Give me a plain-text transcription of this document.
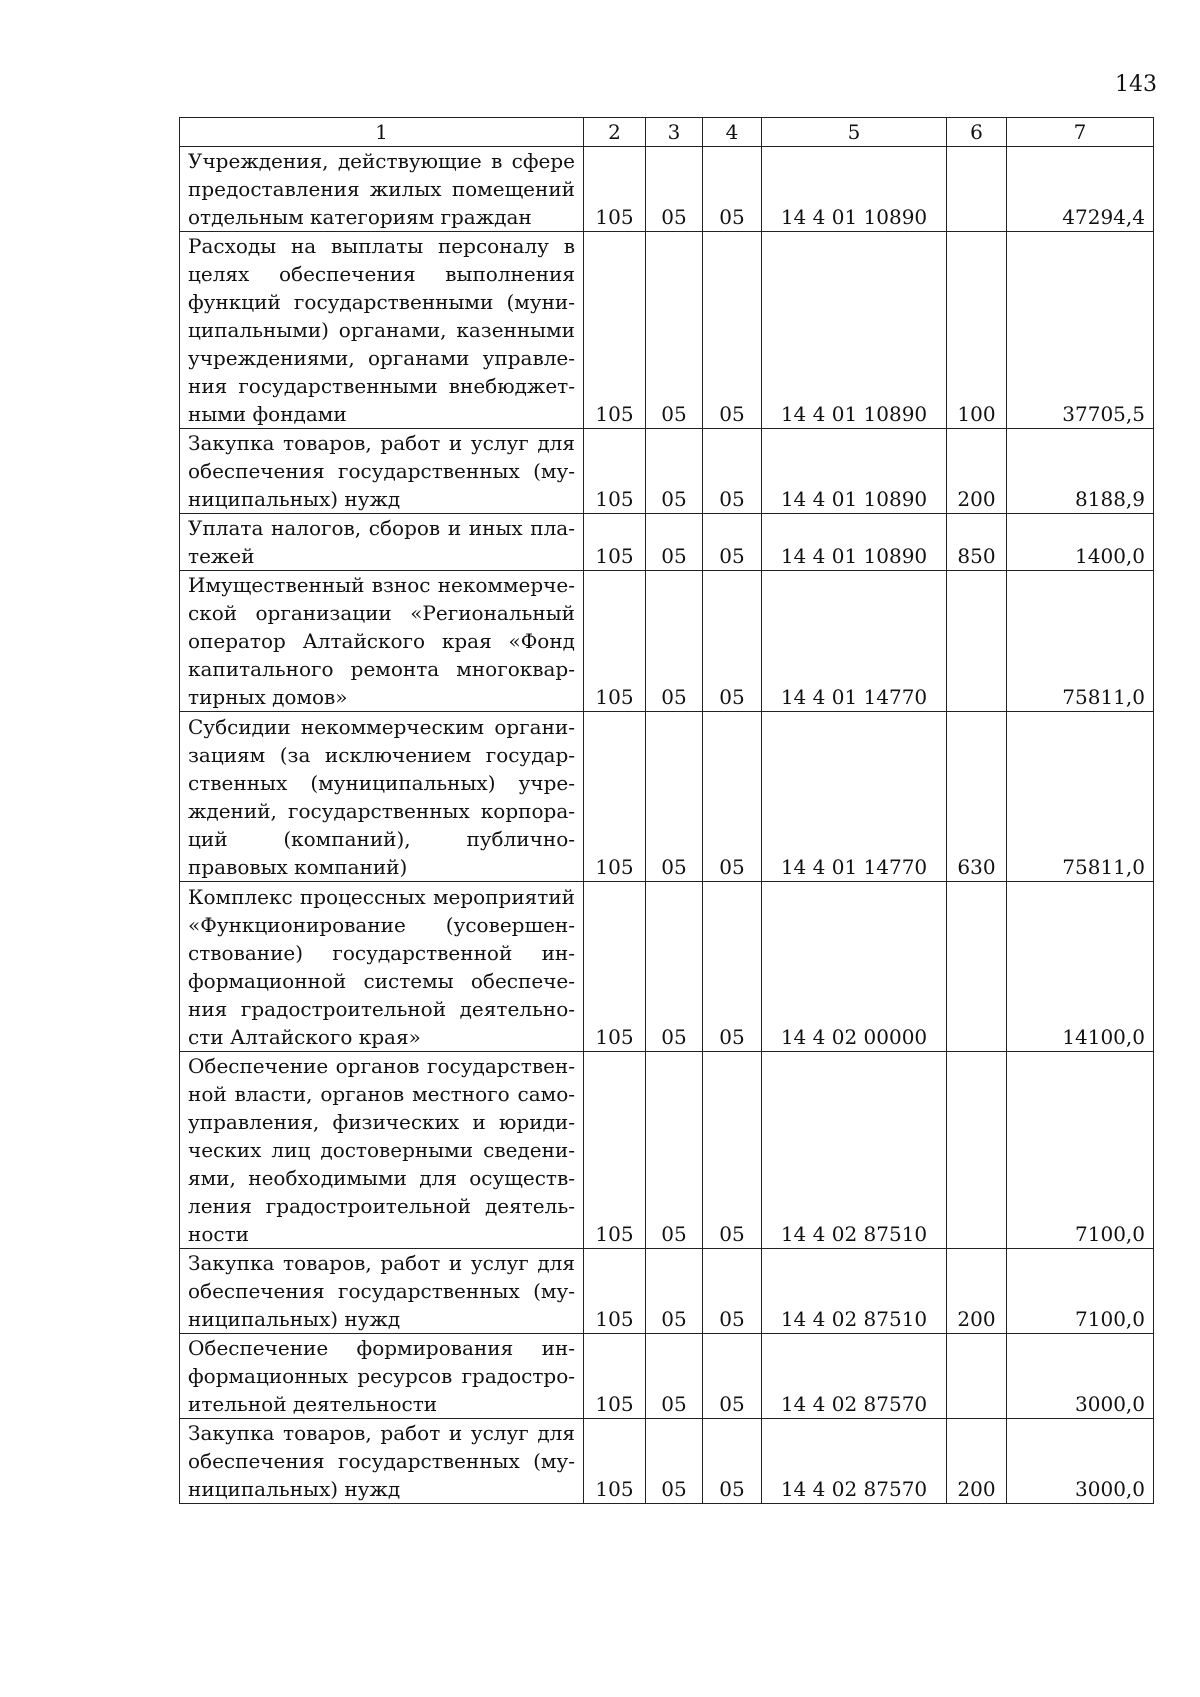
143
1	2	3	4	5	6	7
Учреждения, действующие в сфере предоставления жилых помещений отдельным категориям граждан	105	05	05	14 4 01 10890		47294,4
Расходы на выплаты персоналу в целях обеспечения выполнения функций государственными (муни-ципальными) органами, казенными учреждениями, органами управле-ния государственными внебюджет-ными фондами	105	05	05	14 4 01 10890	100	37705,5
Закупка товаров, работ и услуг для обеспечения государственных (му-ниципальных) нужд	105	05	05	14 4 01 10890	200	8188,9
Уплата налогов, сборов и иных пла-тежей	105	05	05	14 4 01 10890	850	1400,0
Имущественный взнос некоммерче-ской организации «Региональный оператор Алтайского края «Фонд капитального ремонта многоквар-тирных домов»	105	05	05	14 4 01 14770		75811,0
Субсидии некоммерческим органи-зациям (за исключением государ-ственных (муниципальных) учре-ждений, государственных корпора-ций (компаний), публично-правовых компаний)	105	05	05	14 4 01 14770	630	75811,0
Комплекс процессных мероприятий «Функционирование (усовершен-ствование) государственной ин-формационной системы обеспече-ния градостроительной деятельно-сти Алтайского края»	105	05	05	14 4 02 00000		14100,0
Обеспечение органов государствен-ной власти, органов местного само-управления, физических и юриди-ческих лиц достоверными сведени-ями, необходимыми для осуществ-ления градостроительной деятель-ности	105	05	05	14 4 02 87510		7100,0
Закупка товаров, работ и услуг для обеспечения государственных (му-ниципальных) нужд	105	05	05	14 4 02 87510	200	7100,0
Обеспечение формирования ин-формационных ресурсов градостро-ительной деятельности	105	05	05	14 4 02 87570		3000,0
Закупка товаров, работ и услуг для обеспечения государственных (му-ниципальных) нужд	105	05	05	14 4 02 87570	200	3000,0
